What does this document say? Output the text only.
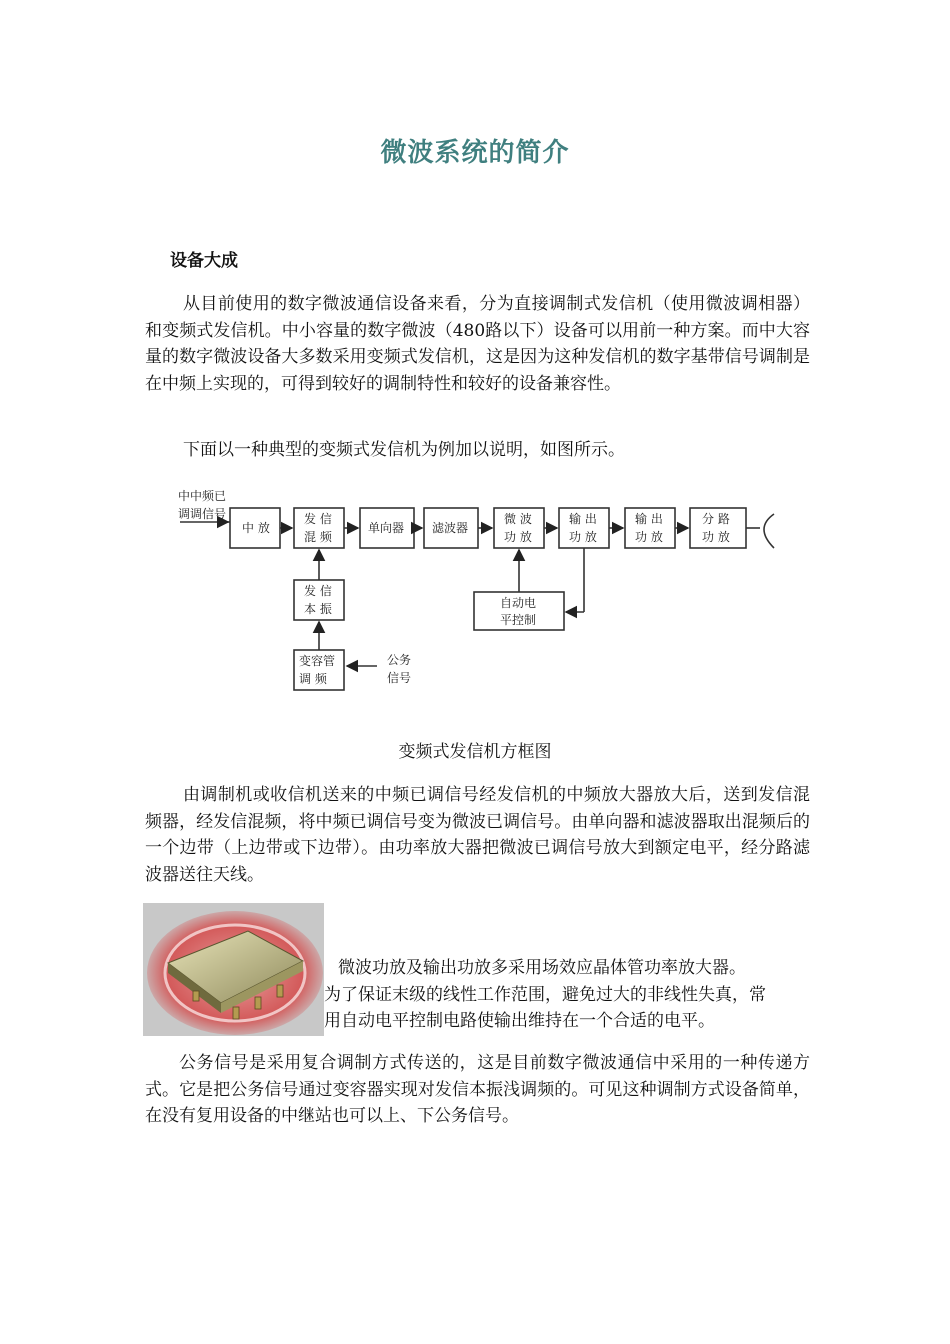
微波系统的简介
设备大成
从目前使用的数字微波通信设备来看，分为直接调制式发信机（使用微波调相器）和变频式发信机。中小容量的数字微波（480路以下）设备可以用前一种方案。而中大容量的数字微波设备大多数采用变频式发信机，这是因为这种发信机的数字基带信号调制是在中频上实现的，可得到较好的调制特性和较好的设备兼容性。
下面以一种典型的变频式发信机为例加以说明，如图所示。
中中频已
调调信号
中 放
发 信
混 频
单向器 滤波器
微 波
功 放
输 出
功 放
输 出
功 放
分 路
功 放
发 信
本 振
变容管
调 频
自动电
平控制
公务
信号
变频式发信机方框图
由调制机或收信机送来的中频已调信号经发信机的中频放大器放大后，送到发信混频器，经发信混频，将中频已调信号变为微波已调信号。由单向器和滤波器取出混频后的一个边带（上边带或下边带）。由功率放大器把微波已调信号放大到额定电平，经分路滤波器送往天线。
微波功放及输出功放多采用场效应晶体管功率放大器。
为了保证末级的线性工作范围，避免过大的非线性失真，常
用自动电平控制电路使输出维持在一个合适的电平。
公务信号是采用复合调制方式传送的，这是目前数字微波通信中采用的一种传递方式。它是把公务信号通过变容器实现对发信本振浅调频的。可见这种调制方式设备简单，在没有复用设备的中继站也可以上、下公务信号。
